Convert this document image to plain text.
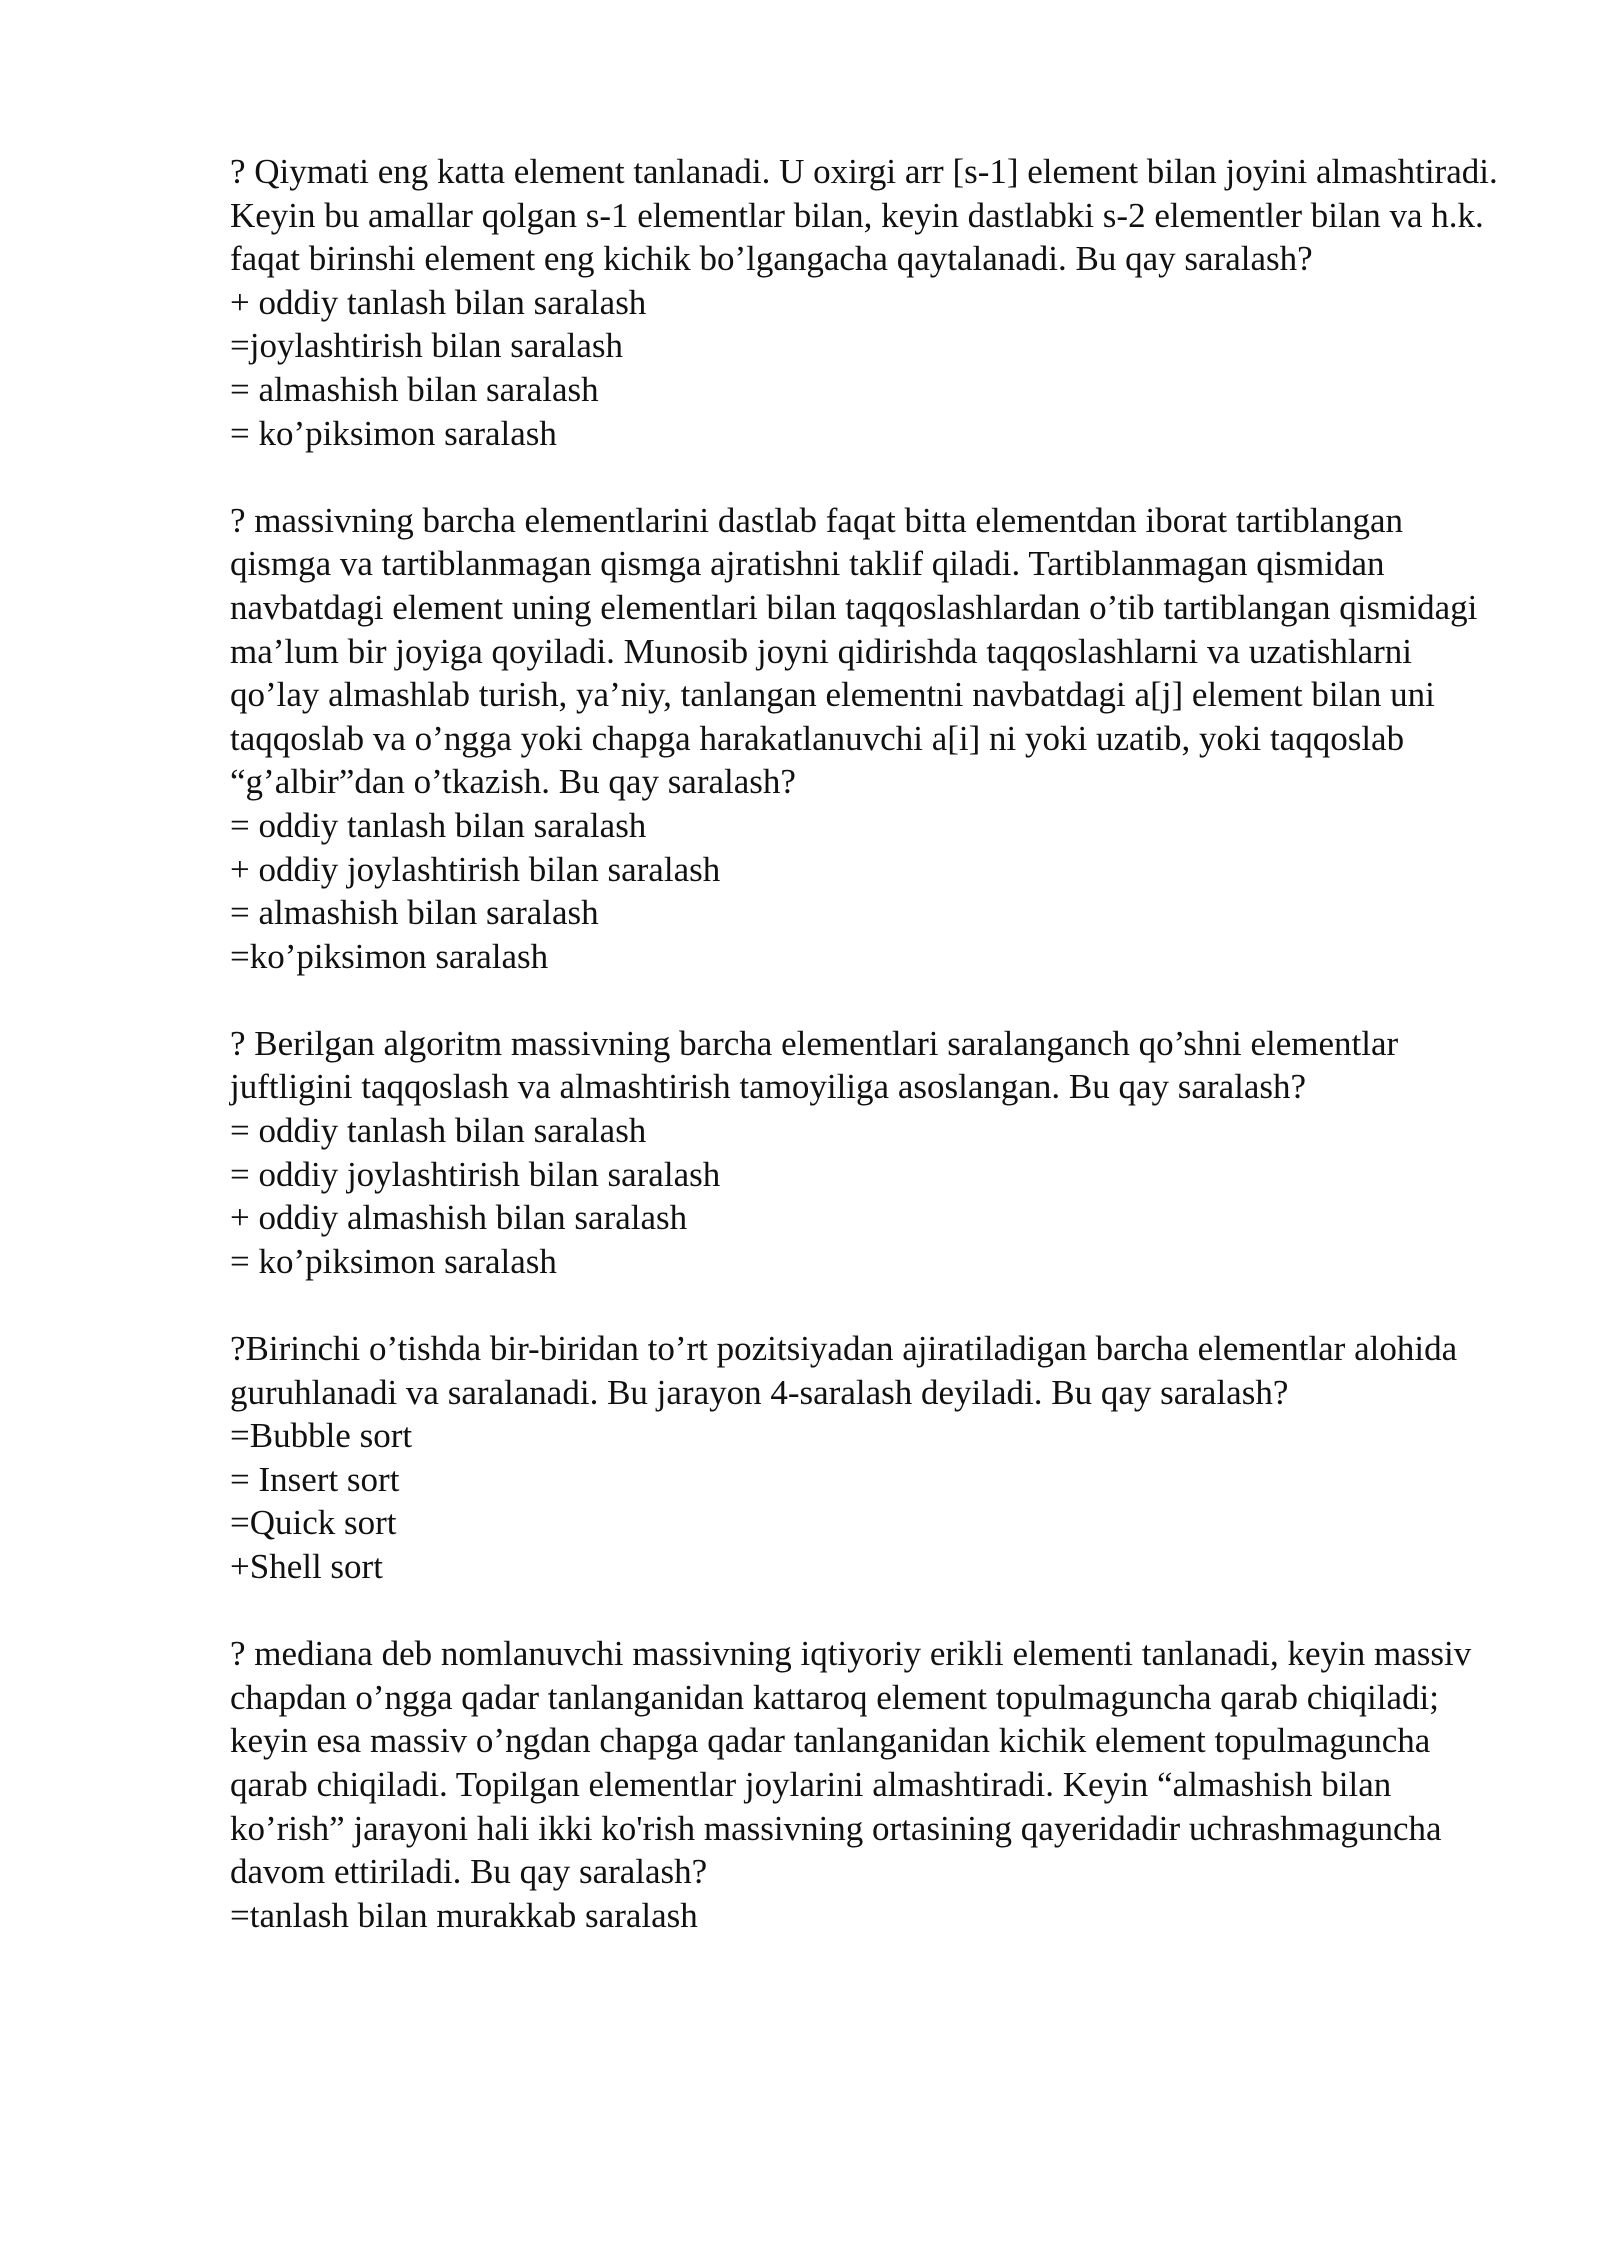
? Qiymati eng katta element tanlanadi. U oxirgi arr [s-1] element bilan joyini almashtiradi. Keyin bu amallar qolgan s-1 elementlar bilan, keyin dastlabki s-2 elementler bilan va h.k. faqat birinshi element eng kichik bo’lgangacha qaytalanadi. Bu qay saralash?

+ oddiy tanlash bilan saralash

=joylashtirish bilan saralash

= almashish bilan saralash

= ko’piksimon saralash

? massivning barcha elementlarini dastlab faqat bitta elementdan iborat tartiblangan qismga va tartiblanmagan qismga ajratishni taklif qiladi. Tartiblanmagan qismidan navbatdagi element uning elementlari bilan taqqoslashlardan o’tib tartiblangan qismidagi ma’lum bir joyiga qoyiladi. Munosib joyni qidirishda taqqoslashlarni va uzatishlarni qo’lay almashlab turish, ya’niy, tanlangan elementni navbatdagi a[j] element bilan uni taqqoslab va o’ngga yoki chapga harakatlanuvchi a[i] ni yoki uzatib, yoki taqqoslab “g’albir”dan o’tkazish. Bu qay saralash?

= oddiy tanlash bilan saralash

+ oddiy joylashtirish bilan saralash

= almashish bilan saralash

=ko’piksimon saralash

? Berilgan algoritm massivning barcha elementlari saralanganch qo’shni elementlar juftligini taqqoslash va almashtirish tamoyiliga asoslangan. Bu qay saralash?

= oddiy tanlash bilan saralash

= oddiy joylashtirish bilan saralash

+ oddiy almashish bilan saralash

= ko’piksimon saralash

?Birinchi o’tishda bir-biridan to’rt pozitsiyadan ajiratiladigan barcha elementlar alohida guruhlanadi va saralanadi. Bu jarayon 4-saralash deyiladi. Bu qay saralash?

=Bubble sort

= Insert sort

=Quick sort

+Shell sort

? mediana deb nomlanuvchi massivning iqtiyoriy erikli elementi tanlanadi, keyin massiv chapdan o’ngga qadar tanlanganidan kattaroq element topulmaguncha qarab chiqiladi; keyin esa massiv o’ngdan chapga qadar tanlanganidan kichik element topulmaguncha qarab chiqiladi. Topilgan elementlar joylarini almashtiradi. Keyin “almashish bilan ko’rish” jarayoni hali ikki ko'rish massivning ortasining qayeridadir uchrashmaguncha davom ettiriladi. Bu qay saralash?

=tanlash bilan murakkab saralash
